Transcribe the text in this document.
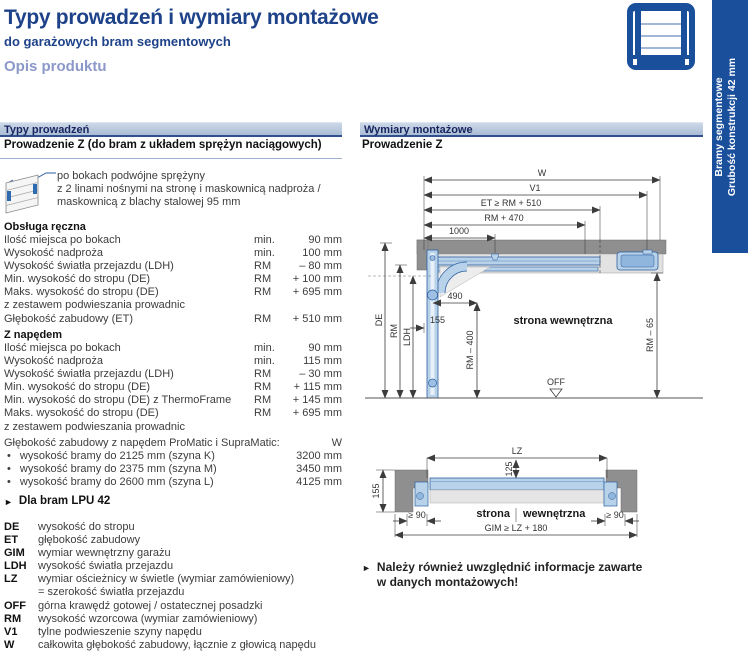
Typy prowadzeń i wymiary montażowe
do garażowych bram segmentowych
Opis produktu
Bramy segmentowe Grubość konstrukcji 42 mm
Typy prowadzeń
Prowadzenie Z (do bram z układem sprężyn naciągowych)
po bokach podwójne sprężyny
z 2 linami nośnymi na stronę i maskownicą nadproża /
maskownicą z blachy stalowej 95 mm
Obsługa ręczna
Ilość miejsca po bokach	min.	90 mm
Wysokość nadproża	min.	100 mm
Wysokość światła przejazdu (LDH)	RM	– 80 mm
Min. wysokość do stropu (DE)	RM	+ 100 mm
Maks. wysokość do stropu (DE)	RM	+ 695 mm
z zestawem podwieszania prowadnic
Głębokość zabudowy (ET)	RM	+ 510 mm
Z napędem
Ilość miejsca po bokach	min.	90 mm
Wysokość nadproża	min.	115 mm
Wysokość światła przejazdu (LDH)	RM	– 30 mm
Min. wysokość do stropu (DE)	RM	+ 115 mm
Min. wysokość do stropu (DE) z ThermoFrame	RM	+ 145 mm
Maks. wysokość do stropu (DE)	RM	+ 695 mm
z zestawem podwieszania prowadnic
Głębokość zabudowy z napędem ProMatic i SupraMatic:	W
• wysokość bramy do 2125 mm (szyna K)	3200 mm
• wysokość bramy do 2375 mm (szyna M)	3450 mm
• wysokość bramy do 2600 mm (szyna L)	4125 mm
► Dla bram LPU 42
DE	wysokość do stropu
ET	głębokość zabudowy
GIM	wymiar wewnętrzny garażu
LDH	wysokość światła przejazdu
LZ	wymiar ościeżnicy w świetle (wymiar zamówieniowy)
= szerokość światła przejazdu
OFF	górna krawędź gotowej / ostatecznej posadzki
RM	wysokość wzorcowa (wymiar zamówieniowy)
V1	tylne podwieszenie szyny napędu
W	całkowita głębokość zabudowy, łącznie z głowicą napędu
Wymiary montażowe
Prowadzenie Z
W
V1
ET ≥ RM + 510
RM + 470
1000
490
155
DE
RM LDH	RM – 400	RM – 65
strona wewnętrzna
OFF
LZ
125
155
≥ 90	≥ 90
strona wewnętrzna
GIM ≥ LZ + 180
► Należy również uwzględnić informacje zawarte
w danych montażowych!
